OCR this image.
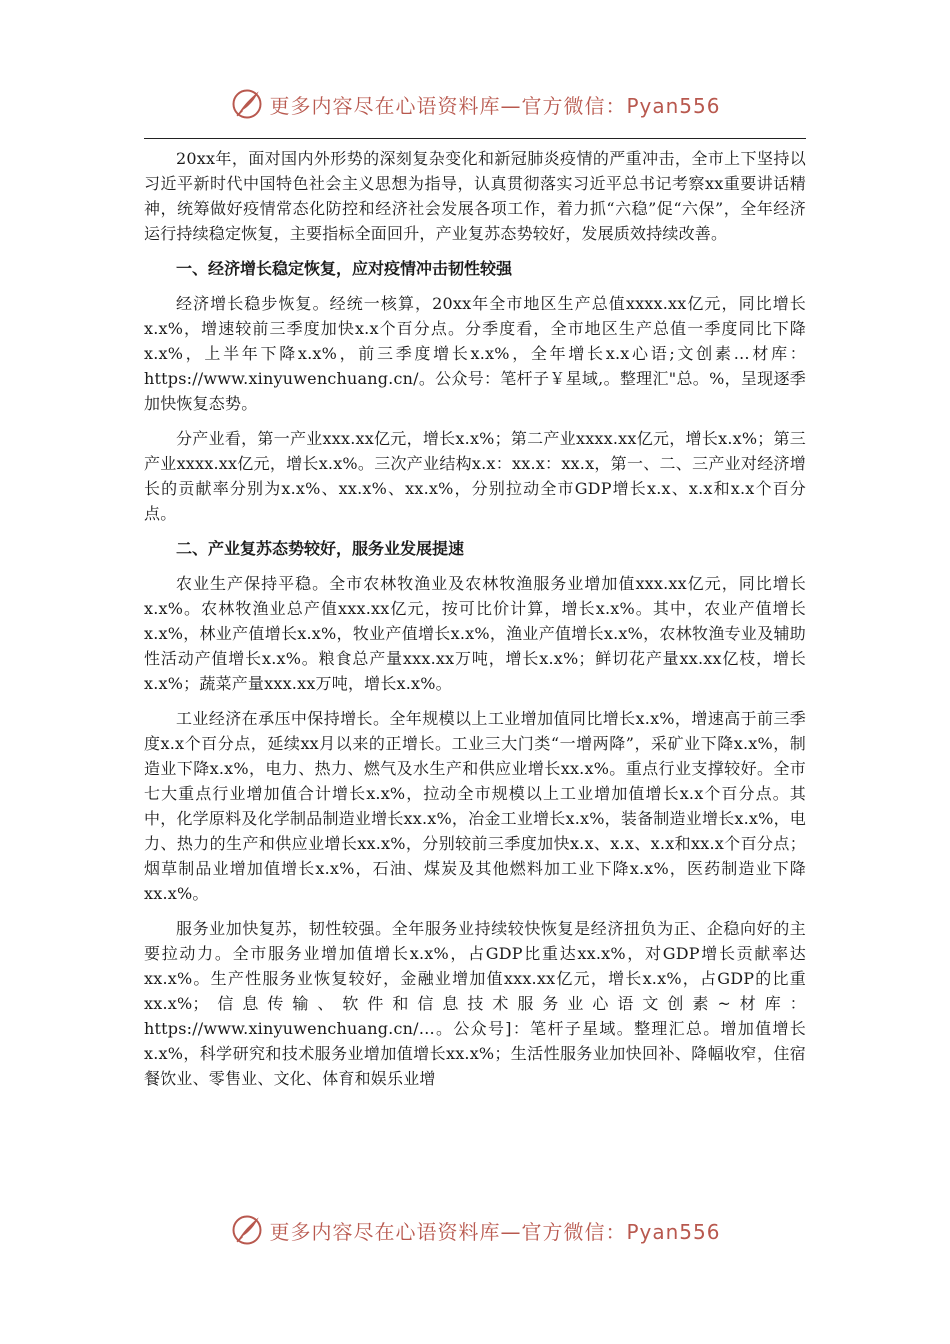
更多内容尽在心语资料库—官方微信：Pyan556

20xx年，面对国内外形势的深刻复杂变化和新冠肺炎疫情的严重冲击，全市上下坚持以习近平新时代中国特色社会主义思想为指导，认真贯彻落实习近平总书记考察xx重要讲话精神，统筹做好疫情常态化防控和经济社会发展各项工作，着力抓“六稳”促“六保”，全年经济运行持续稳定恢复，主要指标全面回升，产业复苏态势较好，发展质效持续改善。

一、经济增长稳定恢复，应对疫情冲击韧性较强

经济增长稳步恢复。经统一核算，20xx年全市地区生产总值xxxx.xx亿元，同比增长x.x%，增速较前三季度加快x.x个百分点。分季度看，全市地区生产总值一季度同比下降x.x%，上半年下降x.x%，前三季度增长x.x%，全年增长x.x心语;文创素…材库：https://www.xinyuwenchuang.cn/。公众号：笔杆子￥星域,。整理汇"总。%，呈现逐季加快恢复态势。

分产业看，第一产业xxx.xx亿元，增长x.x%；第二产业xxxx.xx亿元，增长x.x%；第三产业xxxx.xx亿元，增长x.x%。三次产业结构x.x：xx.x：xx.x，第一、二、三产业对经济增长的贡献率分别为x.x%、xx.x%、xx.x%，分别拉动全市GDP增长x.x、x.x和x.x个百分点。

二、产业复苏态势较好，服务业发展提速

农业生产保持平稳。全市农林牧渔业及农林牧渔服务业增加值xxx.xx亿元，同比增长x.x%。农林牧渔业总产值xxx.xx亿元，按可比价计算，增长x.x%。其中，农业产值增长x.x%，林业产值增长x.x%，牧业产值增长x.x%，渔业产值增长x.x%，农林牧渔专业及辅助性活动产值增长x.x%。粮食总产量xxx.xx万吨，增长x.x%；鲜切花产量xx.xx亿枝，增长x.x%；蔬菜产量xxx.xx万吨，增长x.x%。

工业经济在承压中保持增长。全年规模以上工业增加值同比增长x.x%，增速高于前三季度x.x个百分点，延续xx月以来的正增长。工业三大门类“一增两降”，采矿业下降x.x%，制造业下降x.x%，电力、热力、燃气及水生产和供应业增长xx.x%。重点行业支撑较好。全市七大重点行业增加值合计增长x.x%，拉动全市规模以上工业增加值增长x.x个百分点。其中，化学原料及化学制品制造业增长xx.x%，冶金工业增长x.x%，装备制造业增长x.x%，电力、热力的生产和供应业增长xx.x%，分别较前三季度加快x.x、x.x、x.x和xx.x个百分点；烟草制品业增加值增长x.x%，石油、煤炭及其他燃料加工业下降x.x%，医药制造业下降xx.x%。

服务业加快复苏，韧性较强。全年服务业持续较快恢复是经济扭负为正、企稳向好的主要拉动力。全市服务业增加值增长x.x%，占GDP比重达xx.x%，对GDP增长贡献率达xx.x%。生产性服务业恢复较好，金融业增加值xxx.xx亿元，增长x.x%，占GDP的比重xx.x%；信息传输、软件和信息技术服务业心语文创素~材库：https://www.xinyuwenchuang.cn/…。公众号]：笔杆子星域。整理汇总。增加值增长x.x%，科学研究和技术服务业增加值增长xx.x%；生活性服务业加快回补、降幅收窄，住宿餐饮业、零售业、文化、体育和娱乐业增

更多内容尽在心语资料库—官方微信：Pyan556
